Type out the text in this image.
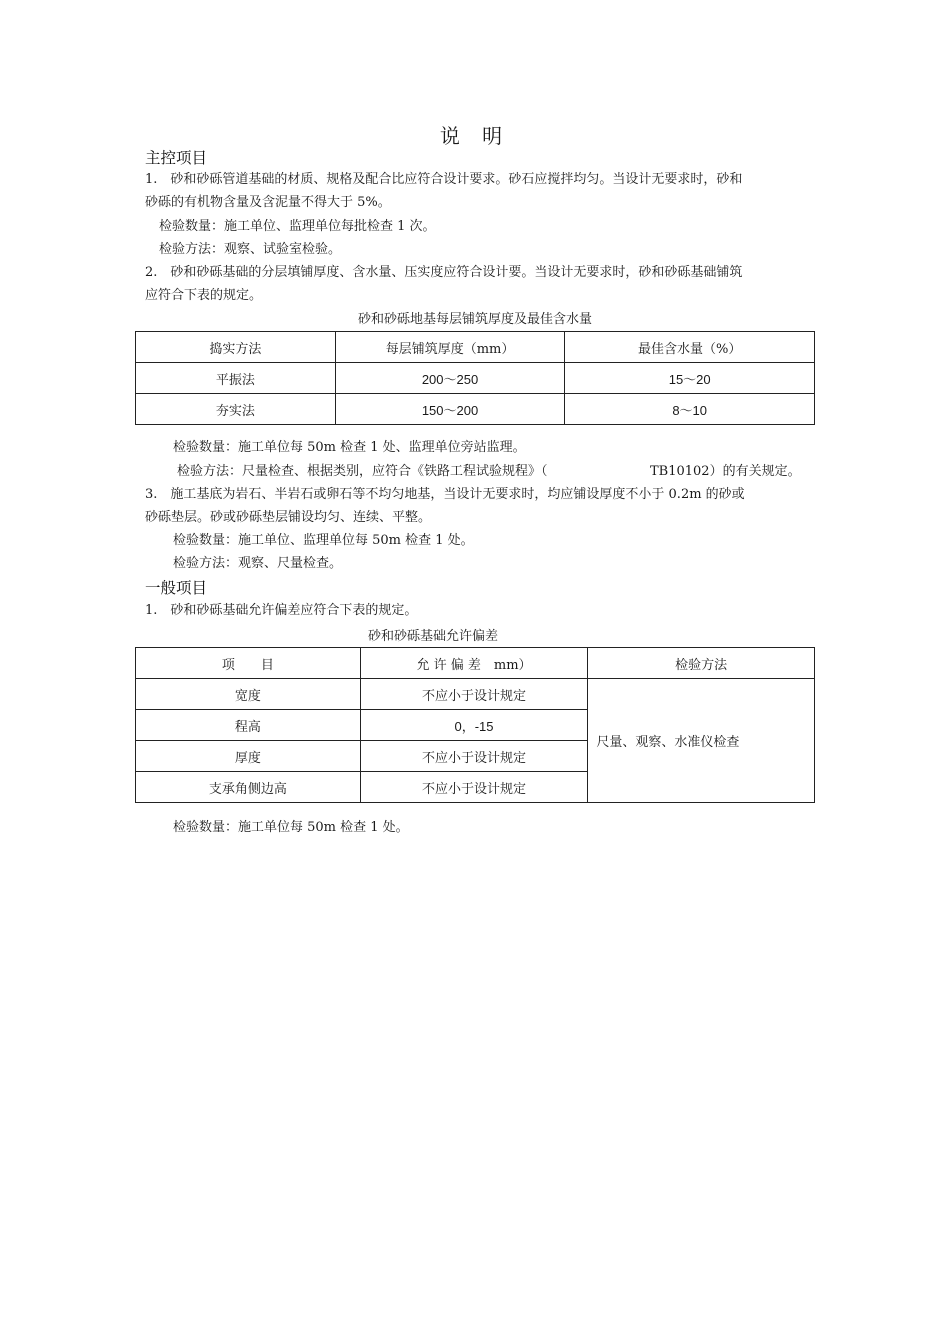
说 明
主控项目
1.　砂和砂砾管道基础的材质、规格及配合比应符合设计要求。砂石应搅拌均匀。当设计无要求时，砂和
砂砾的有机物含量及含泥量不得大于 5%。
检验数量：施工单位、监理单位每批检查 1 次。
检验方法：观察、试验室检验。
2.　砂和砂砾基础的分层填铺厚度、含水量、压实度应符合设计要。当设计无要求时，砂和砂砾基础铺筑
应符合下表的规定。
砂和砂砾地基每层铺筑厚度及最佳含水量
捣实方法	每层铺筑厚度（mm）	最佳含水量（%）
平振法	200～250	15～20
夯实法	150～200	8～10
检验数量：施工单位每 50m 检查 1 处、监理单位旁站监理。
检验方法：尺量检查、根据类别，应符合《铁路工程试验规程》（	TB10102）的有关规定。
3.　施工基底为岩石、半岩石或卵石等不均匀地基，当设计无要求时，均应铺设厚度不小于 0.2m 的砂或
砂砾垫层。砂或砂砾垫层铺设均匀、连续、平整。
检验数量：施工单位、监理单位每 50m 检查 1 处。
检验方法：观察、尺量检查。
一般项目
1.　砂和砂砾基础允许偏差应符合下表的规定。
砂和砂砾基础允许偏差
项　　目	允 许 偏 差　mm）	检验方法
宽度	不应小于设计规定	尺量、观察、水准仪检查
程高	0，-15	
厚度	不应小于设计规定	
支承角侧边高	不应小于设计规定	
检验数量：施工单位每 50m 检查 1 处。
